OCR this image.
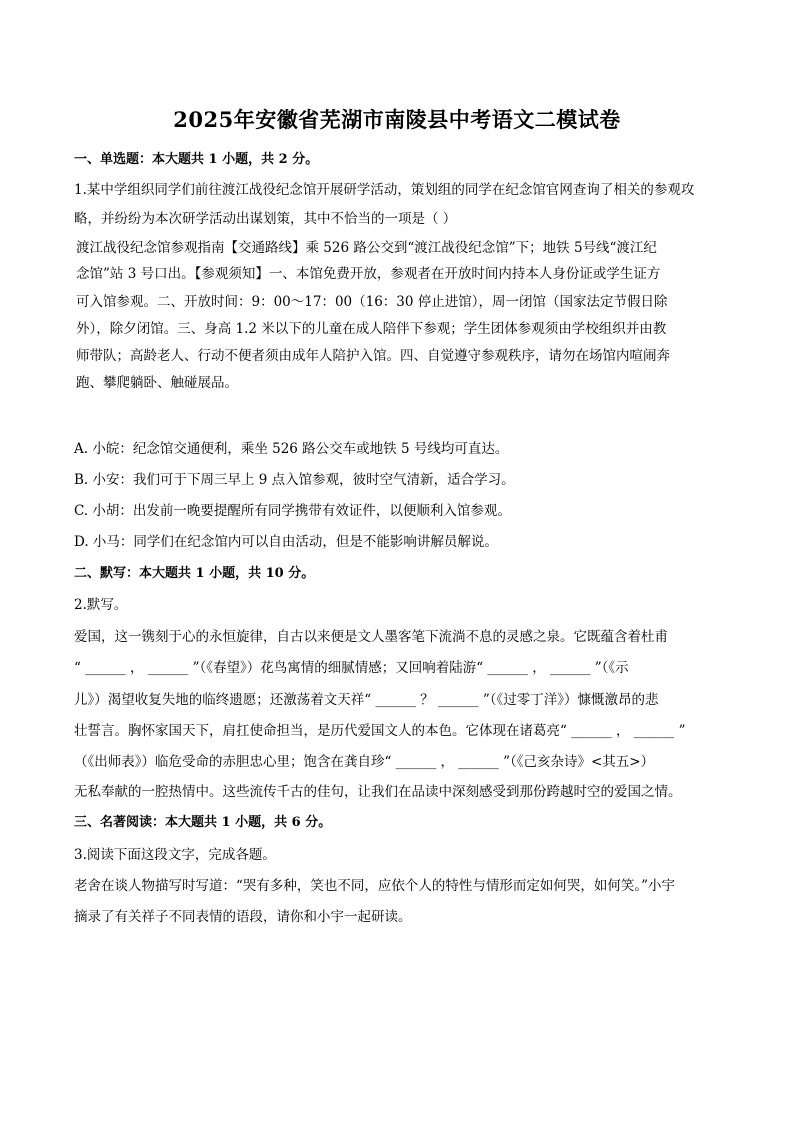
2025年安徽省芜湖市南陵县中考语文二模试卷
一、单选题：本大题共 1 小题，共 2 分。
1.某中学组织同学们前往渡江战役纪念馆开展研学活动，策划组的同学在纪念馆官网查询了相关的参观攻
略，并纷纷为本次研学活动出谋划策，其中不恰当的一项是（ ）
渡江战役纪念馆参观指南【交通路线】乘 526 路公交到“渡江战役纪念馆”下；地铁 5号线“渡江纪
念馆”站 3 号口出。【参观须知】一、本馆免费开放，参观者在开放时间内持本人身份证或学生证方
可入馆参观。二、开放时间：9：00～17：00（16：30 停止进馆），周一闭馆（国家法定节假日除
外），除夕闭馆。三、身高 1.2 米以下的儿童在成人陪伴下参观；学生团体参观须由学校组织并由教
师带队；高龄老人、行动不便者须由成年人陪护入馆。四、自觉遵守参观秩序，请勿在场馆内喧闹奔
跑、攀爬躺卧、触碰展品。
A. 小皖：纪念馆交通便利，乘坐 526 路公交车或地铁 5 号线均可直达。
B. 小安：我们可于下周三早上 9 点入馆参观，彼时空气清新，适合学习。
C. 小胡：出发前一晚要提醒所有同学携带有效证件，以便顺利入馆参观。
D. 小马：同学们在纪念馆内可以自由活动，但是不能影响讲解员解说。
二、默写：本大题共 1 小题，共 10 分。
2.默写。
爱国，这一镌刻于心的永恒旋律，自古以来便是文人墨客笔下流淌不息的灵感之泉。它既蕴含着杜甫
“ ______ ， ______ ”（《春望》）花鸟寓情的细腻情感；又回响着陆游“ ______ ， ______ ”（《示
儿》）渴望收复失地的临终遗愿；还激荡着文天祥“ ______ ？ ______ ”（《过零丁洋》）慷慨激昂的悲
壮誓言。胸怀家国天下，肩扛使命担当，是历代爱国文人的本色。它体现在诸葛亮“ ______ ， ______ ”
（《出师表》）临危受命的赤胆忠心里；饱含在龚自珍“ ______ ， ______ ”（《己亥杂诗》<其五>）
无私奉献的一腔热情中。这些流传千古的佳句，让我们在品读中深刻感受到那份跨越时空的爱国之情。
三、名著阅读：本大题共 1 小题，共 6 分。
3.阅读下面这段文字，完成各题。
老舍在谈人物描写时写道：“哭有多种，笑也不同，应依个人的特性与情形而定如何哭，如何笑。”小宇
摘录了有关祥子不同表情的语段，请你和小宇一起研读。
